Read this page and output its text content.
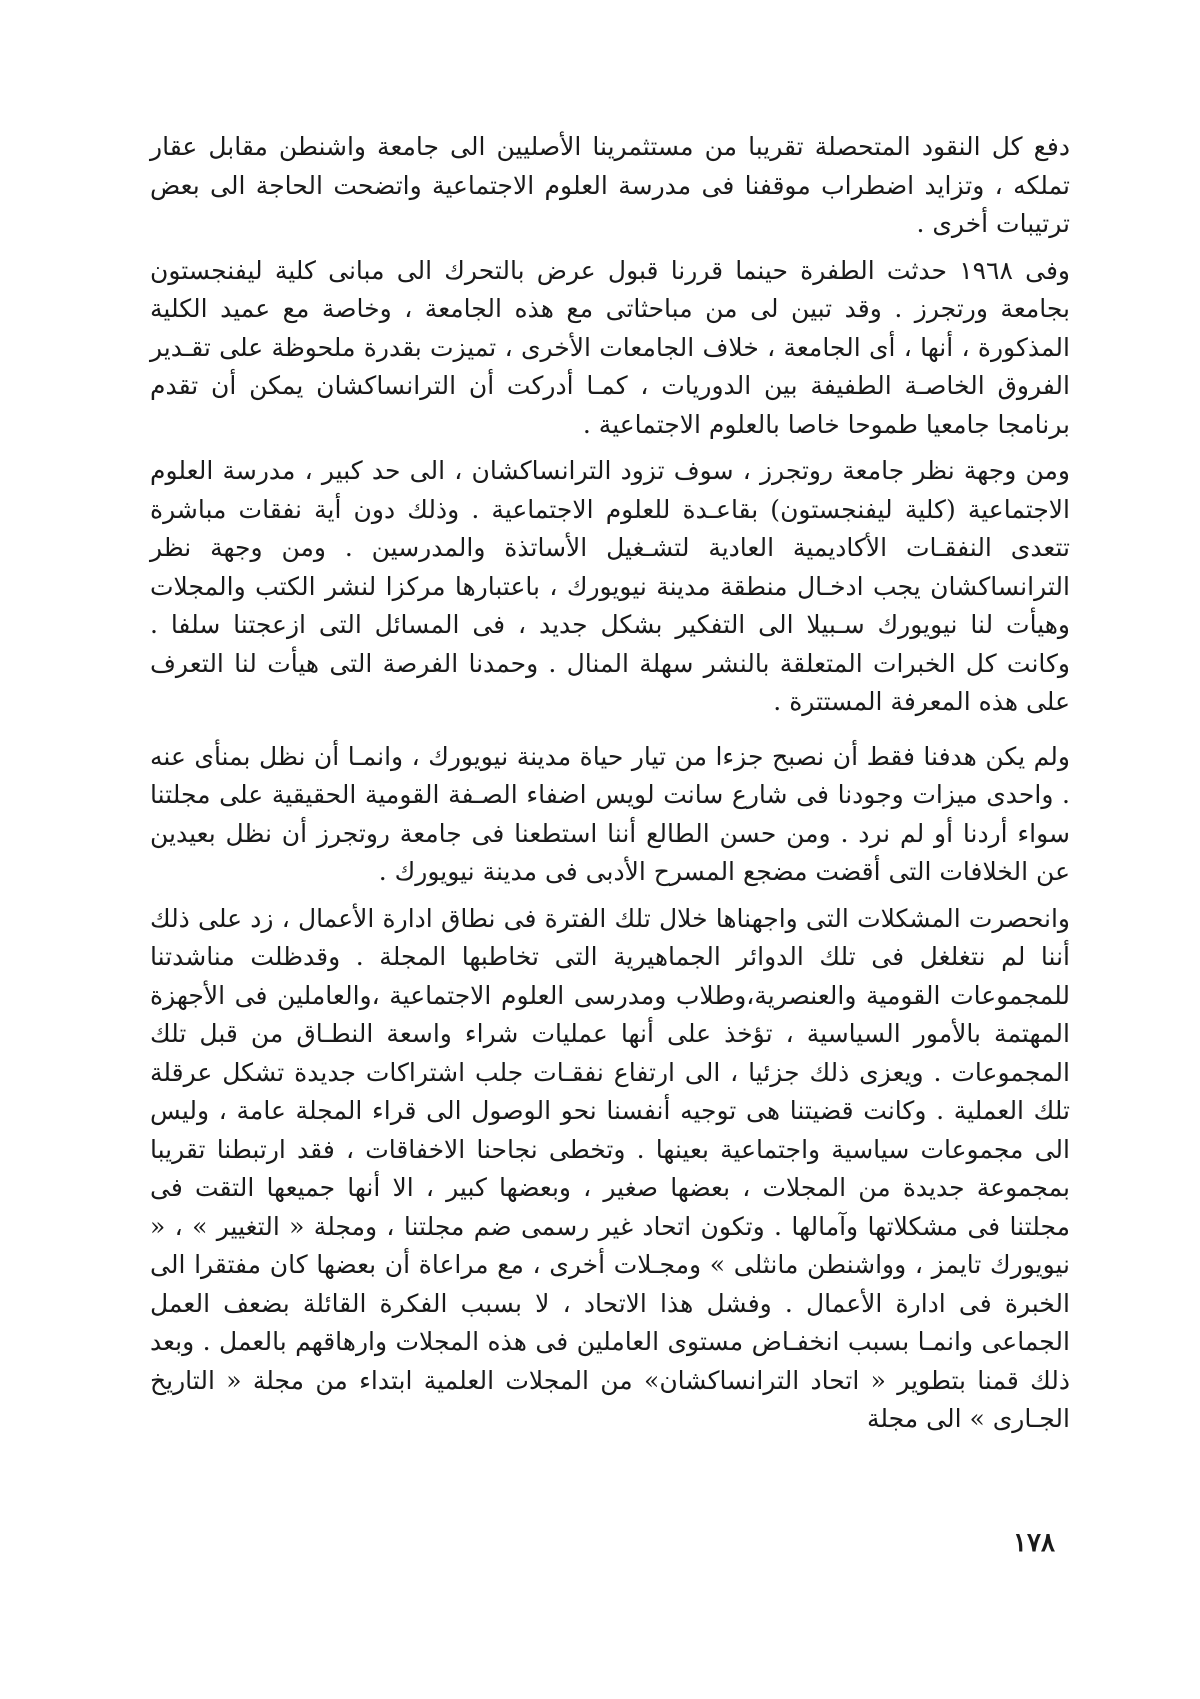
دفع كل النقود المتحصلة تقريبا من مستثمرينا الأصليين الى جامعة واشنطن مقابل عقار تملكه ، وتزايد اضطراب موقفنا فى مدرسة العلوم الاجتماعية واتضحت الحاجة الى بعض ترتيبات أخرى .

وفى ١٩٦٨ حدثت الطفرة حينما قررنا قبول عرض بالتحرك الى مبانى كلية ليفنجستون بجامعة ورتجرز . وقد تبين لى من مباحثاتى مع هذه الجامعة ، وخاصة مع عميد الكلية المذكورة ، أنها ، أى الجامعة ، خلاف الجامعات الأخرى ، تميزت بقدرة ملحوظة على تقـدير الفروق الخاصـة الطفيفة بين الدوريات ، كمـا أدركت أن الترانساكشان يمكن أن تقدم برنامجا جامعيا طموحا خاصا بالعلوم الاجتماعية .

ومن وجهة نظر جامعة روتجرز ، سوف تزود الترانساكشان ، الى حد كبير ، مدرسة العلوم الاجتماعية (كلية ليفنجستون) بقاعـدة للعلوم الاجتماعية . وذلك دون أية نفقات مباشرة تتعدى النفقـات الأكاديمية العادية لتشـغيل الأساتذة والمدرسين . ومن وجهة نظر الترانساكشان يجب ادخـال منطقة مدينة نيويورك ، باعتبارها مركزا لنشر الكتب والمجلات وهيأت لنا نيويورك سـبيلا الى التفكير بشكل جديد ، فى المسائل التى ازعجتنا سلفا . وكانت كل الخبرات المتعلقة بالنشر سهلة المنال . وحمدنا الفرصة التى هيأت لنا التعرف على هذه المعرفة المستترة .

ولم يكن هدفنا فقط أن نصبح جزءا من تيار حياة مدينة نيويورك ، وانمـا أن نظل بمنأى عنه . واحدى ميزات وجودنا فى شارع سانت لويس اضفاء الصـفة القومية الحقيقية على مجلتنا سواء أردنا أو لم نرد . ومن حسن الطالع أننا استطعنا فى جامعة روتجرز أن نظل بعيدين عن الخلافات التى أقضت مضجع المسرح الأدبى فى مدينة نيويورك .

وانحصرت المشكلات التى واجهناها خلال تلك الفترة فى نطاق ادارة الأعمال ، زد على ذلك أننا لم نتغلغل فى تلك الدوائر الجماهيرية التى تخاطبها المجلة . وقدظلت مناشدتنا للمجموعات القومية والعنصرية،وطلاب ومدرسى العلوم الاجتماعية ،والعاملين فى الأجهزة المهتمة بالأمور السياسية ، تؤخذ على أنها عمليات شراء واسعة النطـاق من قبل تلك المجموعات . ويعزى ذلك جزئيا ، الى ارتفاع نفقـات جلب اشتراكات جديدة تشكل عرقلة تلك العملية . وكانت قضيتنا هى توجيه أنفسنا نحو الوصول الى قراء المجلة عامة ، وليس الى مجموعات سياسية واجتماعية بعينها . وتخطى نجاحنا الاخفاقات ، فقد ارتبطنا تقريبا بمجموعة جديدة من المجلات ، بعضها صغير ، وبعضها كبير ، الا أنها جميعها التقت فى مجلتنا فى مشكلاتها وآمالها . وتكون اتحاد غير رسمى ضم مجلتنا ، ومجلة « التغيير » ، « نيويورك تايمز ، وواشنطن مانثلى » ومجـلات أخرى ، مع مراعاة أن بعضها كان مفتقرا الى الخبرة فى ادارة الأعمال . وفشل هذا الاتحاد ، لا بسبب الفكرة القائلة بضعف العمل الجماعى وانمـا بسبب انخفـاض مستوى العاملين فى هذه المجلات وارهاقهم بالعمل . وبعد ذلك قمنا بتطوير « اتحاد الترانساكشان» من المجلات العلمية ابتداء من مجلة « التاريخ الجـارى » الى مجلة

١٧٨
